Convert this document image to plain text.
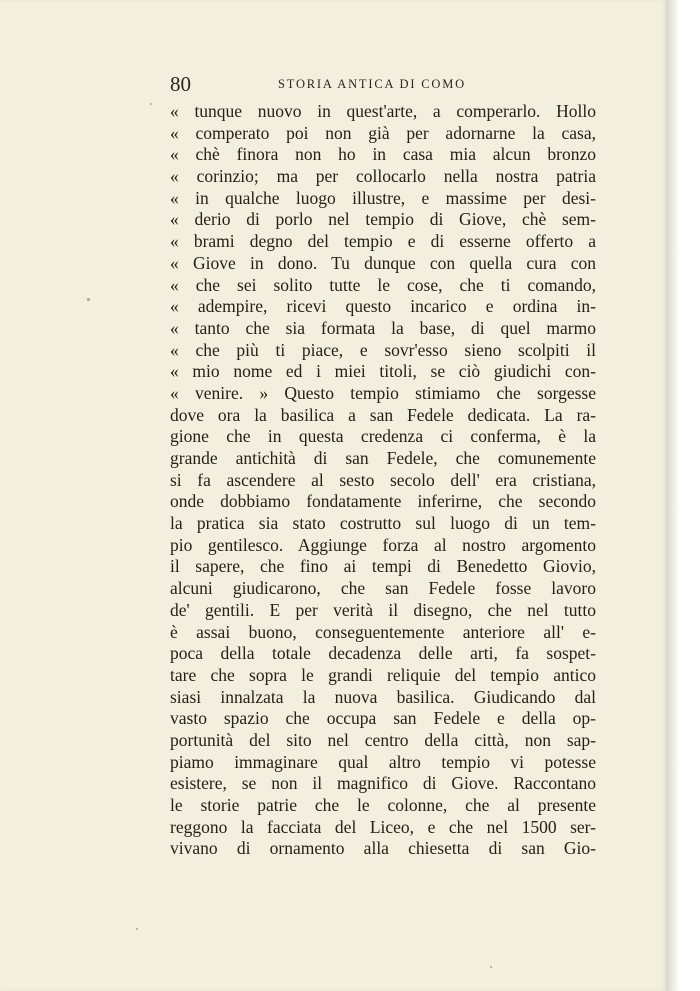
80	STORIA ANTICA DI COMO
« tunque nuovo in quest'arte, a comperarlo. Hollo
« comperato poi non già per adornarne la casa,
« chè finora non ho in casa mia alcun bronzo
« corinzio; ma per collocarlo nella nostra patria
« in qualche luogo illustre, e massime per desi-
« derio di porlo nel tempio di Giove, chè sem-
« brami degno del tempio e di esserne offerto a
« Giove in dono. Tu dunque con quella cura con
« che sei solito tutte le cose, che ti comando,
« adempire, ricevi questo incarico e ordina in-
« tanto che sia formata la base, di quel marmo
« che più ti piace, e sovr'esso sieno scolpiti il
« mio nome ed i miei titoli, se ciò giudichi con-
« venire. » Questo tempio stimiamo che sorgesse
dove ora la basilica a san Fedele dedicata. La ra-
gione che in questa credenza ci conferma, è la
grande antichità di san Fedele, che comunemente
si fa ascendere al sesto secolo dell' era cristiana,
onde dobbiamo fondatamente inferirne, che secondo
la pratica sia stato costrutto sul luogo di un tem-
pio gentilesco. Aggiunge forza al nostro argomento
il sapere, che fino ai tempi di Benedetto Giovio,
alcuni giudicarono, che san Fedele fosse lavoro
de' gentili. E per verità il disegno, che nel tutto
è assai buono, conseguentemente anteriore all' e-
poca della totale decadenza delle arti, fa sospet-
tare che sopra le grandi reliquie del tempio antico
siasi innalzata la nuova basilica. Giudicando dal
vasto spazio che occupa san Fedele e della op-
portunità del sito nel centro della città, non sap-
piamo immaginare qual altro tempio vi potesse
esistere, se non il magnifico di Giove. Raccontano
le storie patrie che le colonne, che al presente
reggono la facciata del Liceo, e che nel 1500 ser-
vivano di ornamento alla chiesetta di san Gio-
